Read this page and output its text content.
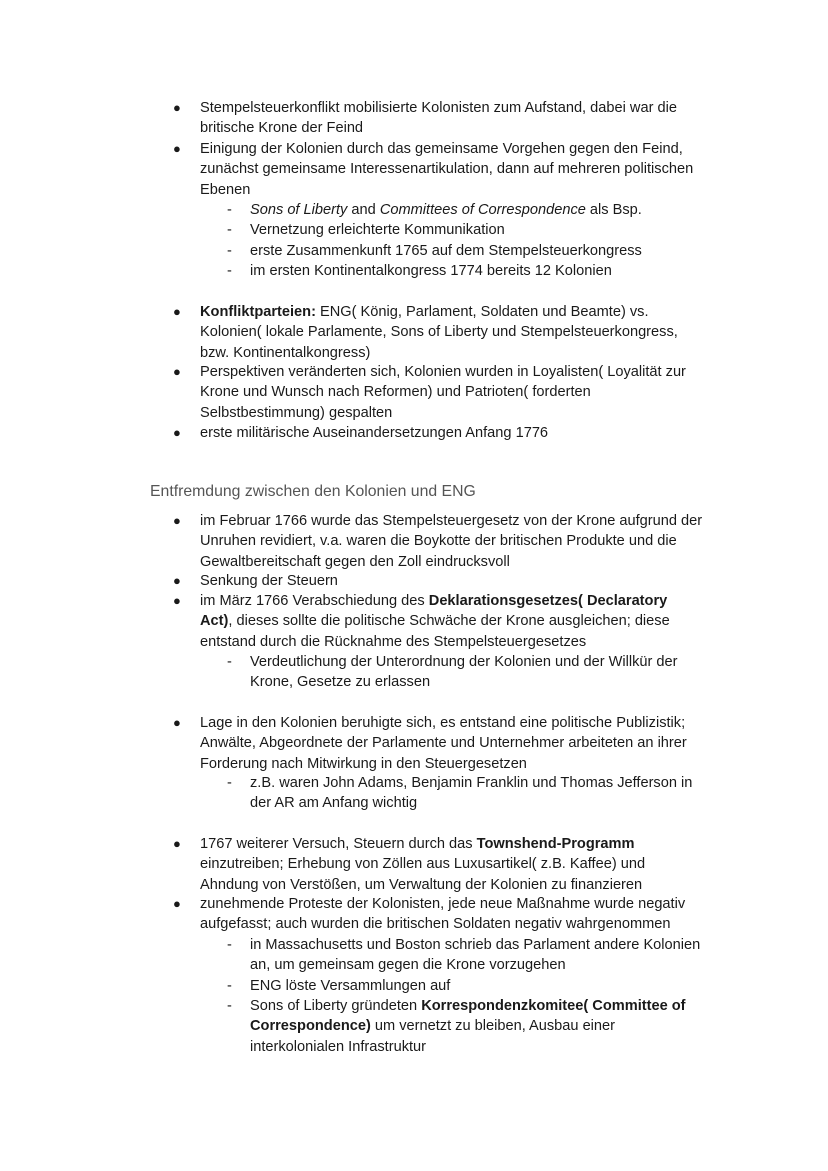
● Stempelsteuerkonflikt mobilisierte Kolonisten zum Aufstand, dabei war die
britische Krone der Feind
● Einigung der Kolonien durch das gemeinsame Vorgehen gegen den Feind,
zunächst gemeinsame Interessenartikulation, dann auf mehreren politischen
Ebenen
- Sons of Liberty and Committees of Correspondence als Bsp.
- Vernetzung erleichterte Kommunikation
- erste Zusammenkunft 1765 auf dem Stempelsteuerkongress
- im ersten Kontinentalkongress 1774 bereits 12 Kolonien
● Konfliktparteien: ENG( König, Parlament, Soldaten und Beamte) vs.
Kolonien( lokale Parlamente, Sons of Liberty und Stempelsteuerkongress,
bzw. Kontinentalkongress)
● Perspektiven veränderten sich, Kolonien wurden in Loyalisten( Loyalität zur
Krone und Wunsch nach Reformen) und Patrioten( forderten
Selbstbestimmung) gespalten
● erste militärische Auseinandersetzungen Anfang 1776
Entfremdung zwischen den Kolonien und ENG
● im Februar 1766 wurde das Stempelsteuergesetz von der Krone aufgrund der
Unruhen revidiert, v.a. waren die Boykotte der britischen Produkte und die
Gewaltbereitschaft gegen den Zoll eindrucksvoll
● Senkung der Steuern
● im März 1766 Verabschiedung des Deklarationsgesetzes( Declaratory
Act), dieses sollte die politische Schwäche der Krone ausgleichen; diese
entstand durch die Rücknahme des Stempelsteuergesetzes
- Verdeutlichung der Unterordnung der Kolonien und der Willkür der
Krone, Gesetze zu erlassen
● Lage in den Kolonien beruhigte sich, es entstand eine politische Publizistik;
Anwälte, Abgeordnete der Parlamente und Unternehmer arbeiteten an ihrer
Forderung nach Mitwirkung in den Steuergesetzen
- z.B. waren John Adams, Benjamin Franklin und Thomas Jefferson in
der AR am Anfang wichtig
● 1767 weiterer Versuch, Steuern durch das Townshend-Programm
einzutreiben; Erhebung von Zöllen aus Luxusartikel( z.B. Kaffee) und
Ahndung von Verstößen, um Verwaltung der Kolonien zu finanzieren
● zunehmende Proteste der Kolonisten, jede neue Maßnahme wurde negativ
aufgefasst; auch wurden die britischen Soldaten negativ wahrgenommen
- in Massachusetts und Boston schrieb das Parlament andere Kolonien
an, um gemeinsam gegen die Krone vorzugehen
- ENG löste Versammlungen auf
- Sons of Liberty gründeten Korrespondenzkomitee( Committee of
Correspondence) um vernetzt zu bleiben, Ausbau einer
interkolonialen Infrastruktur
